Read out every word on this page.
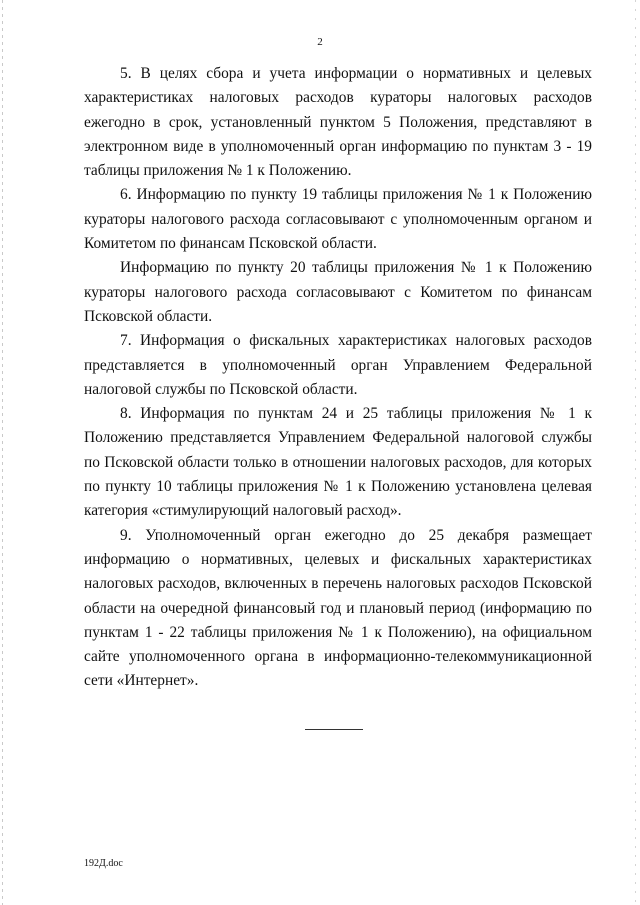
2

5. В целях сбора и учета информации о нормативных и целевых характеристиках налоговых расходов кураторы налоговых расходов ежегодно в срок, установленный пунктом 5 Положения, представляют в электронном виде в уполномоченный орган информацию по пунктам 3 - 19 таблицы приложения № 1 к Положению.

6. Информацию по пункту 19 таблицы приложения № 1 к Положению кураторы налогового расхода согласовывают с уполномоченным органом и Комитетом по финансам Псковской области.

Информацию по пункту 20 таблицы приложения № 1 к Положению кураторы налогового расхода согласовывают с Комитетом по финансам Псковской области.

7. Информация о фискальных характеристиках налоговых расходов представляется в уполномоченный орган Управлением Федеральной налоговой службы по Псковской области.

8. Информация по пунктам 24 и 25 таблицы приложения № 1 к Положению представляется Управлением Федеральной налоговой службы по Псковской области только в отношении налоговых расходов, для которых по пункту 10 таблицы приложения № 1 к Положению установлена целевая категория «стимулирующий налоговый расход».

9. Уполномоченный орган ежегодно до 25 декабря размещает информацию о нормативных, целевых и фискальных характеристиках налоговых расходов, включенных в перечень налоговых расходов Псковской области на очередной финансовый год и плановый период (информацию по пунктам 1 - 22 таблицы приложения № 1 к Положению), на официальном сайте уполномоченного органа в информационно-телекоммуникационной сети «Интернет».

192Д.doc
